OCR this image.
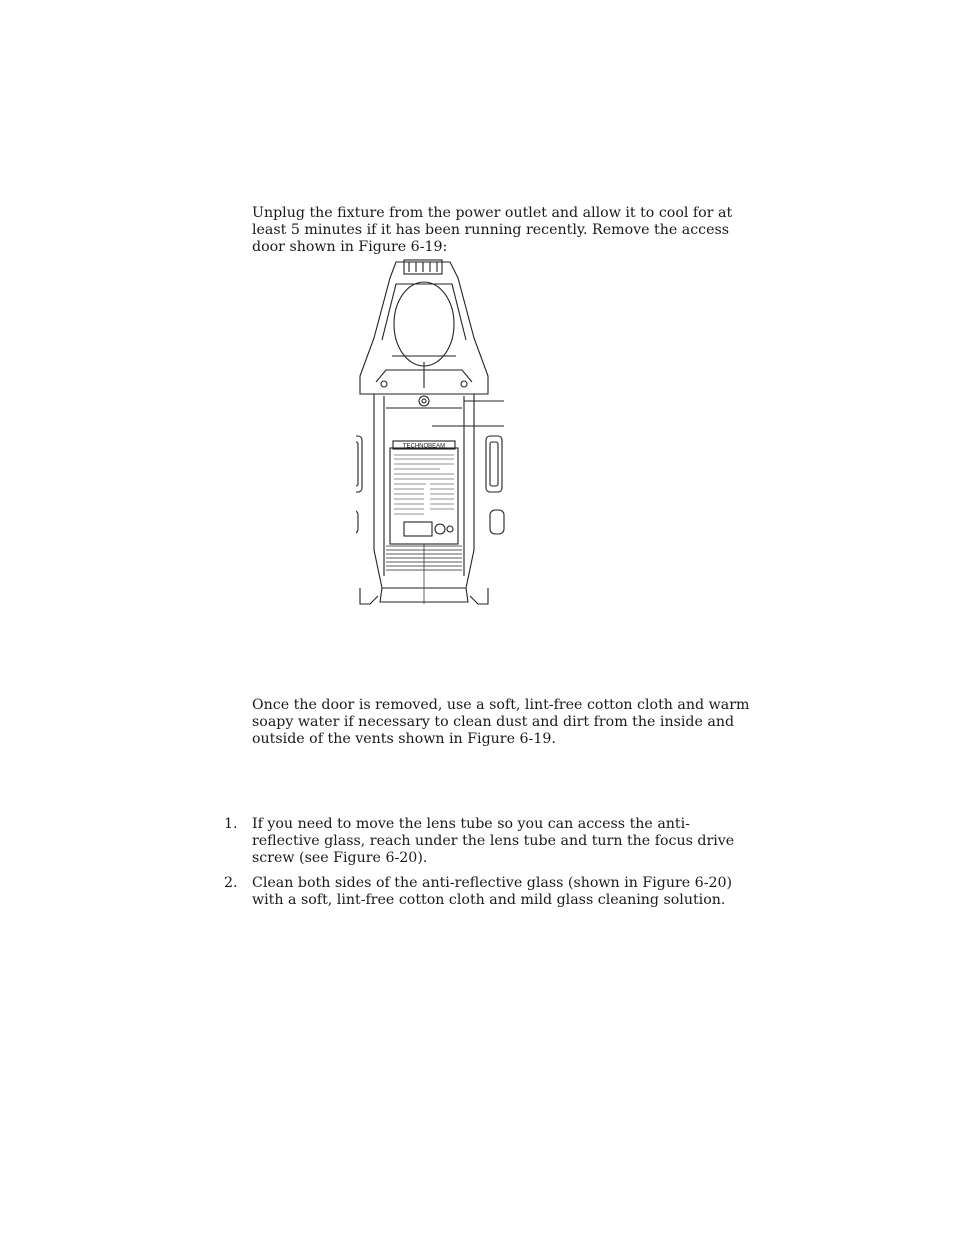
Unplug the fixture from the power outlet and allow it to cool for at least 5 minutes if it has been running recently. Remove the access door shown in Figure 6-19:

TECHNOBEAM

Once the door is removed, use a soft, lint-free cotton cloth and warm soapy water if necessary to clean dust and dirt from the inside and outside of the vents shown in Figure 6-19.

1.	If you need to move the lens tube so you can access the anti-reflective glass, reach under the lens tube and turn the focus drive screw (see Figure 6-20).

2.	Clean both sides of the anti-reflective glass (shown in Figure 6-20) with a soft, lint-free cotton cloth and mild glass cleaning solution.
